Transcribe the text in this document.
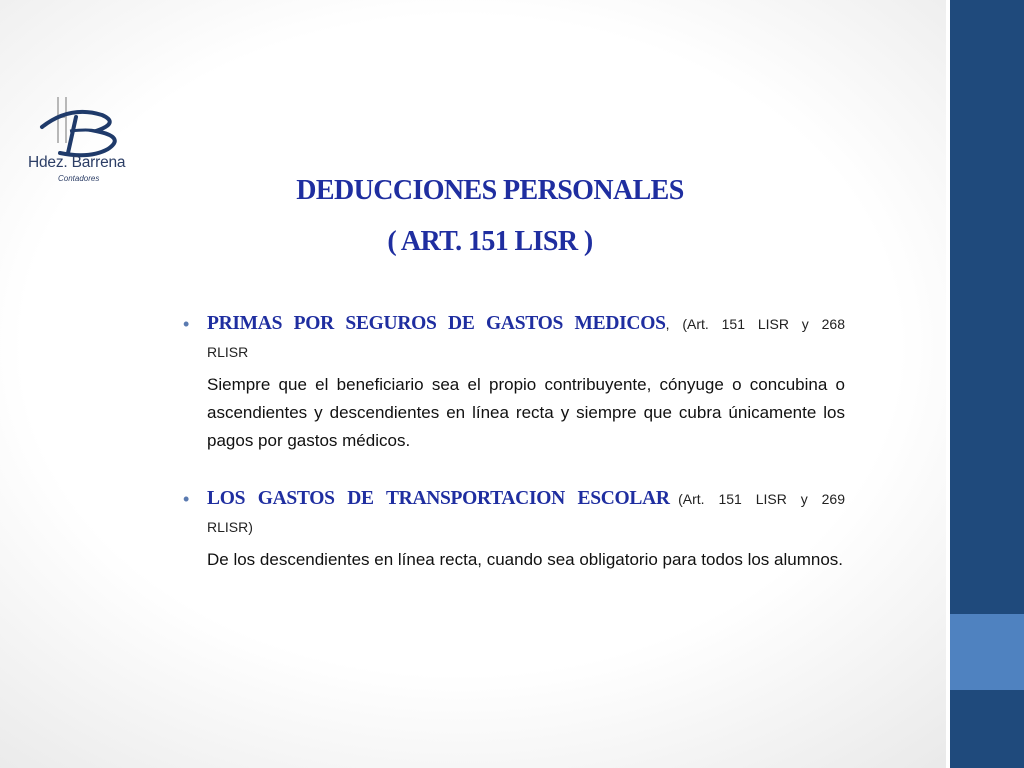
Hdez. Barrena
Contadores	DEDUCCIONES PERSONALES
( ART. 151 LISR )
• PRIMAS POR SEGUROS DE GASTOS MEDICOS, (Art. 151 LISR y 268
RLISR
Siempre que el beneficiario sea el propio contribuyente, cónyuge o concubina o ascendientes y descendientes en línea recta y siempre que cubra únicamente los pagos por gastos médicos.
• LOS GASTOS DE TRANSPORTACION ESCOLAR (Art. 151 LISR y 269
RLISR)
De los descendientes en línea recta, cuando sea obligatorio para todos los alumnos.
